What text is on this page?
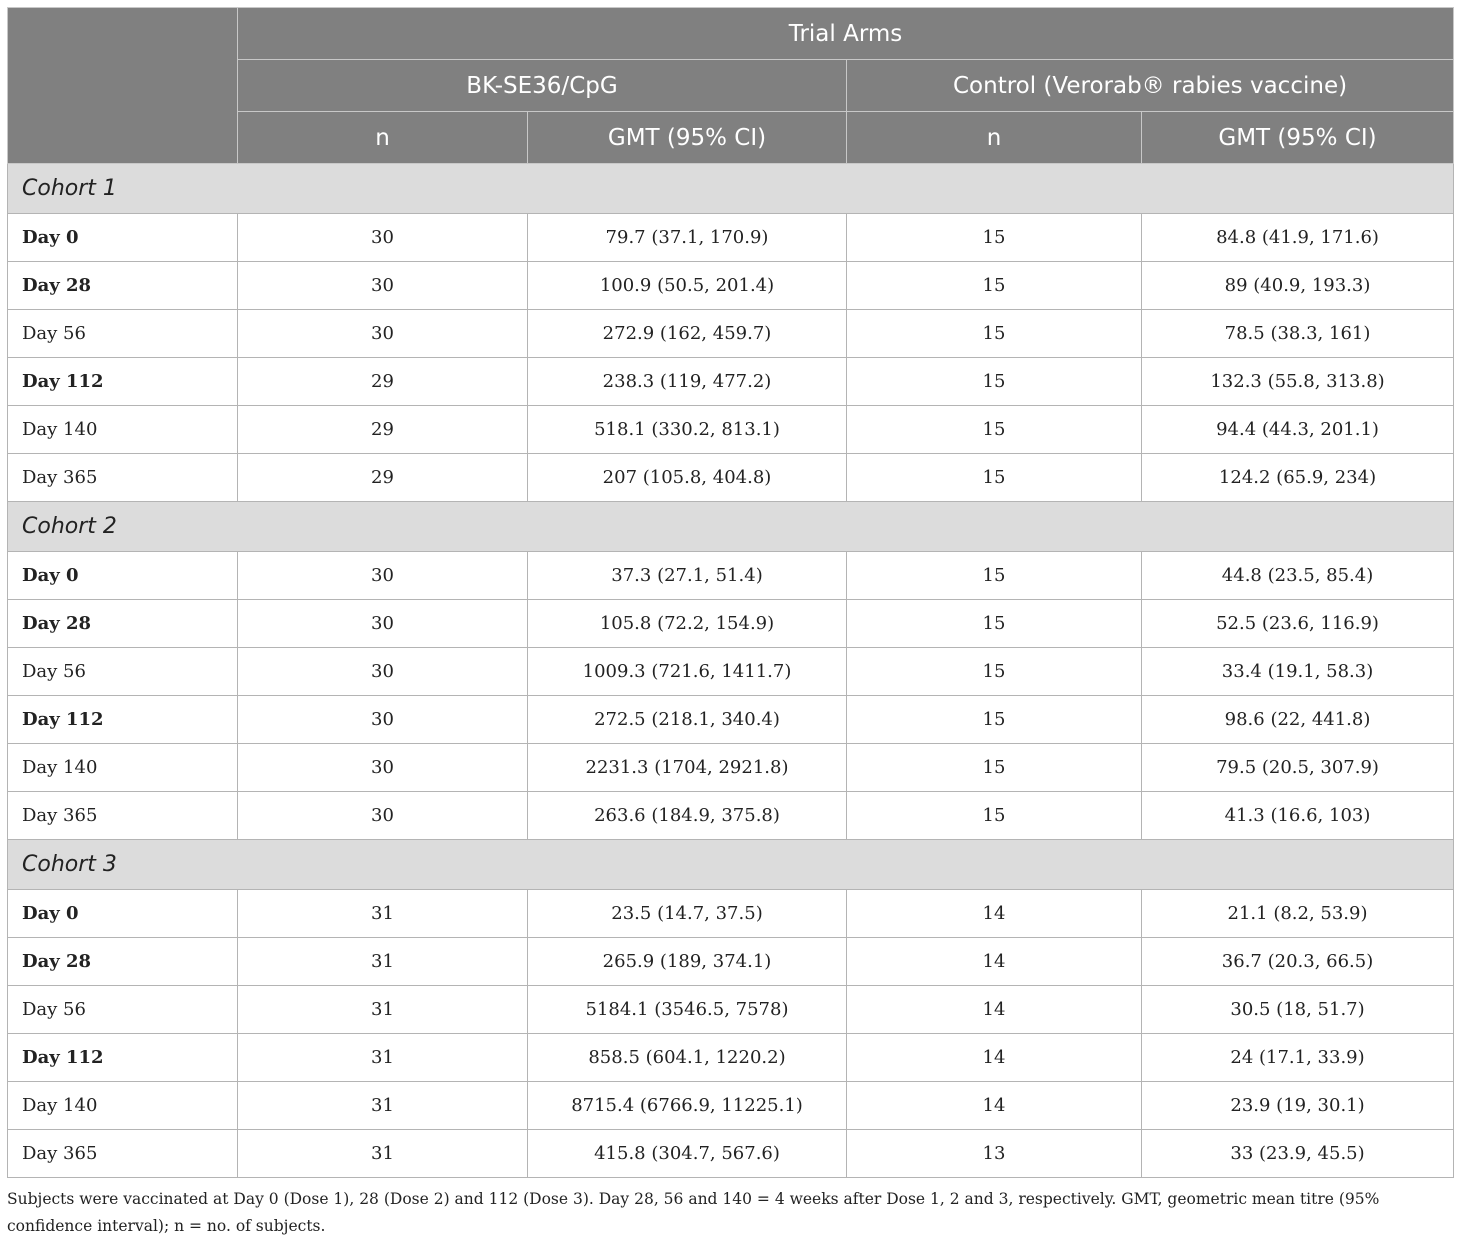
	Trial Arms			
	BK-SE36/CpG		Control (Verorab® rabies vaccine)	
	n	GMT (95% CI)	n	GMT (95% CI)
Cohort 1				
Day 0	30	79.7 (37.1, 170.9)	15	84.8 (41.9, 171.6)
Day 28	30	100.9 (50.5, 201.4)	15	89 (40.9, 193.3)
Day 56	30	272.9 (162, 459.7)	15	78.5 (38.3, 161)
Day 112	29	238.3 (119, 477.2)	15	132.3 (55.8, 313.8)
Day 140	29	518.1 (330.2, 813.1)	15	94.4 (44.3, 201.1)
Day 365	29	207 (105.8, 404.8)	15	124.2 (65.9, 234)
Cohort 2				
Day 0	30	37.3 (27.1, 51.4)	15	44.8 (23.5, 85.4)
Day 28	30	105.8 (72.2, 154.9)	15	52.5 (23.6, 116.9)
Day 56	30	1009.3 (721.6, 1411.7)	15	33.4 (19.1, 58.3)
Day 112	30	272.5 (218.1, 340.4)	15	98.6 (22, 441.8)
Day 140	30	2231.3 (1704, 2921.8)	15	79.5 (20.5, 307.9)
Day 365	30	263.6 (184.9, 375.8)	15	41.3 (16.6, 103)
Cohort 3				
Day 0	31	23.5 (14.7, 37.5)	14	21.1 (8.2, 53.9)
Day 28	31	265.9 (189, 374.1)	14	36.7 (20.3, 66.5)
Day 56	31	5184.1 (3546.5, 7578)	14	30.5 (18, 51.7)
Day 112	31	858.5 (604.1, 1220.2)	14	24 (17.1, 33.9)
Day 140	31	8715.4 (6766.9, 11225.1)	14	23.9 (19, 30.1)
Day 365	31	415.8 (304.7, 567.6)	13	33 (23.9, 45.5)
Subjects were vaccinated at Day 0 (Dose 1), 28 (Dose 2) and 112 (Dose 3). Day 28, 56 and 140 = 4 weeks after Dose 1, 2 and 3, respectively. GMT, geometric mean titre (95% confidence interval); n = no. of subjects.
